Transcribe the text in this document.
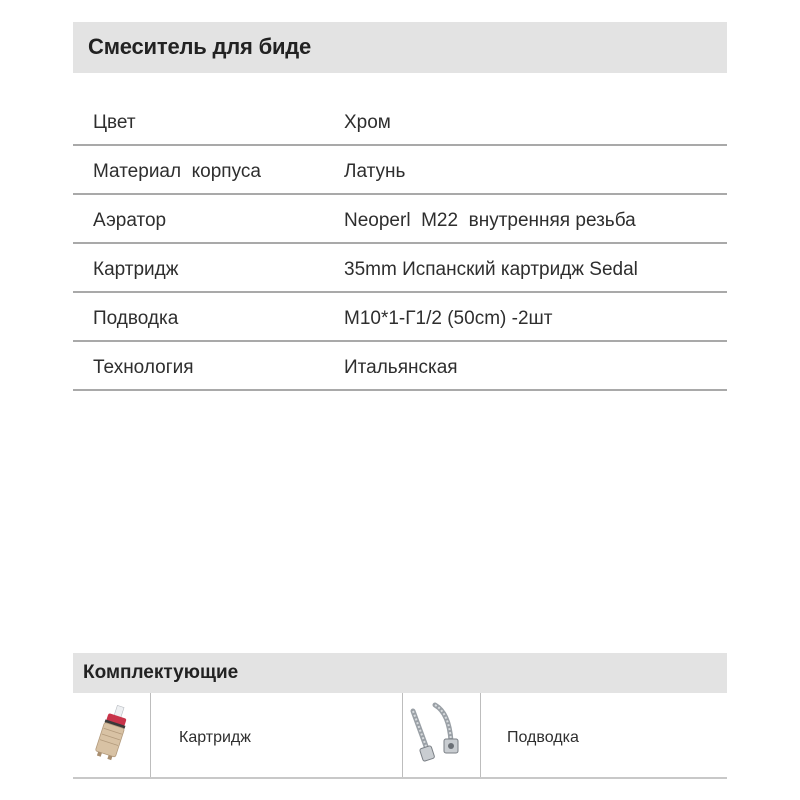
Смеситель для биде
Цвет	Хром
Материал  корпуса	Латунь
Аэратор	Neoperl  M22  внутренняя резьба
Картридж	35mm Испанский картридж Sedal
Подводка	M10*1-Г1/2 (50cm) -2шт
Технология	Итальянская
Комплектующие
Картридж	Подводка
